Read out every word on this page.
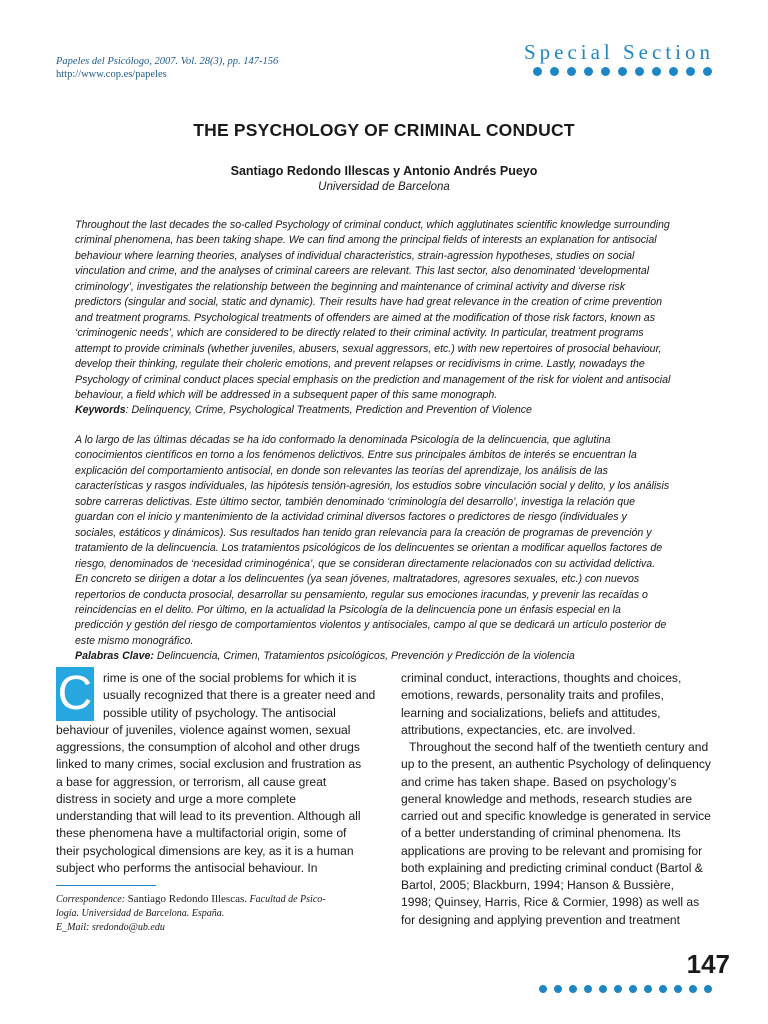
Papeles del Psicólogo, 2007. Vol. 28(3), pp. 147-156
http://www.cop.es/papeles
Special Section
THE PSYCHOLOGY OF CRIMINAL CONDUCT
Santiago Redondo Illescas y Antonio Andrés Pueyo
Universidad de Barcelona
Throughout the last decades the so-called Psychology of criminal conduct, which agglutinates scientific knowledge surrounding
criminal phenomena, has been taking shape. We can find among the principal fields of interests an explanation for antisocial
behaviour where learning theories, analyses of individual characteristics, strain-agression hypotheses, studies on social
vinculation and crime, and the analyses of criminal careers are relevant. This last sector, also denominated ‘developmental
criminology’, investigates the relationship between the beginning and maintenance of criminal activity and diverse risk
predictors (singular and social, static and dynamic). Their results have had great relevance in the creation of crime prevention
and treatment programs. Psychological treatments of offenders are aimed at the modification of those risk factors, known as
‘criminogenic needs’, which are considered to be directly related to their criminal activity. In particular, treatment programs
attempt to provide criminals (whether juveniles, abusers, sexual aggressors, etc.) with new repertoires of prosocial behaviour,
develop their thinking, regulate their choleric emotions, and prevent relapses or recidivisms in crime. Lastly, nowadays the
Psychology of criminal conduct places special emphasis on the prediction and management of the risk for violent and antisocial
behaviour, a field which will be addressed in a subsequent paper of this same monograph.
Keywords: Delinquency, Crime, Psychological Treatments, Prediction and Prevention of Violence
A lo largo de las últimas décadas se ha ido conformado la denominada Psicología de la delincuencia, que aglutina
conocimientos científicos en torno a los fenómenos delictivos. Entre sus principales ámbitos de interés se encuentran la
explicación del comportamiento antisocial, en donde son relevantes las teorías del aprendizaje, los análisis de las
características y rasgos individuales, las hipótesis tensión-agresión, los estudios sobre vinculación social y delito, y los análisis
sobre carreras delictivas. Este último sector, también denominado ‘criminología del desarrollo’, investiga la relación que
guardan con el inicio y mantenimiento de la actividad criminal diversos factores o predictores de riesgo (individuales y
sociales, estáticos y dinámicos). Sus resultados han tenido gran relevancia para la creación de programas de prevención y
tratamiento de la delincuencia. Los tratamientos psicológicos de los delincuentes se orientan a modificar aquellos factores de
riesgo, denominados de ‘necesidad criminogénica’, que se consideran directamente relacionados con su actividad delictiva.
En concreto se dirigen a dotar a los delincuentes (ya sean jóvenes, maltratadores, agresores sexuales, etc.) con nuevos
repertorios de conducta prosocial, desarrollar su pensamiento, regular sus emociones iracundas, y prevenir las recaídas o
reincidencias en el delito. Por último, en la actualidad la Psicología de la delincuencia pone un énfasis especial en la
predicción y gestión del riesgo de comportamientos violentos y antisociales, campo al que se dedicará un artículo posterior de
este mismo monográfico.
Palabras Clave: Delincuencia, Crimen, Tratamientos psicológicos, Prevención y Predicción de la violencia
C rime is one of the social problems for which it is
usually recognized that there is a greater need and
possible utility of psychology. The antisocial
behaviour of juveniles, violence against women, sexual
aggressions, the consumption of alcohol and other drugs
linked to many crimes, social exclusion and frustration as
a base for aggression, or terrorism, all cause great
distress in society and urge a more complete
understanding that will lead to its prevention. Although all
these phenomena have a multifactorial origin, some of
their psychological dimensions are key, as it is a human
subject who performs the antisocial behaviour. In
criminal conduct, interactions, thoughts and choices,
emotions, rewards, personality traits and profiles,
learning and socializations, beliefs and attitudes,
attributions, expectancies, etc. are involved.
Throughout the second half of the twentieth century and
up to the present, an authentic Psychology of delinquency
and crime has taken shape. Based on psychology’s
general knowledge and methods, research studies are
carried out and specific knowledge is generated in service
of a better understanding of criminal phenomena. Its
applications are proving to be relevant and promising for
both explaining and predicting criminal conduct (Bartol &
Bartol, 2005; Blackburn, 1994; Hanson & Bussière,
1998; Quinsey, Harris, Rice & Cormier, 1998) as well as
for designing and applying prevention and treatment
Correspondence: Santiago Redondo Illescas. Facultad de Psico-
logía. Universidad de Barcelona. España.
E_Mail: sredondo@ub.edu
147
